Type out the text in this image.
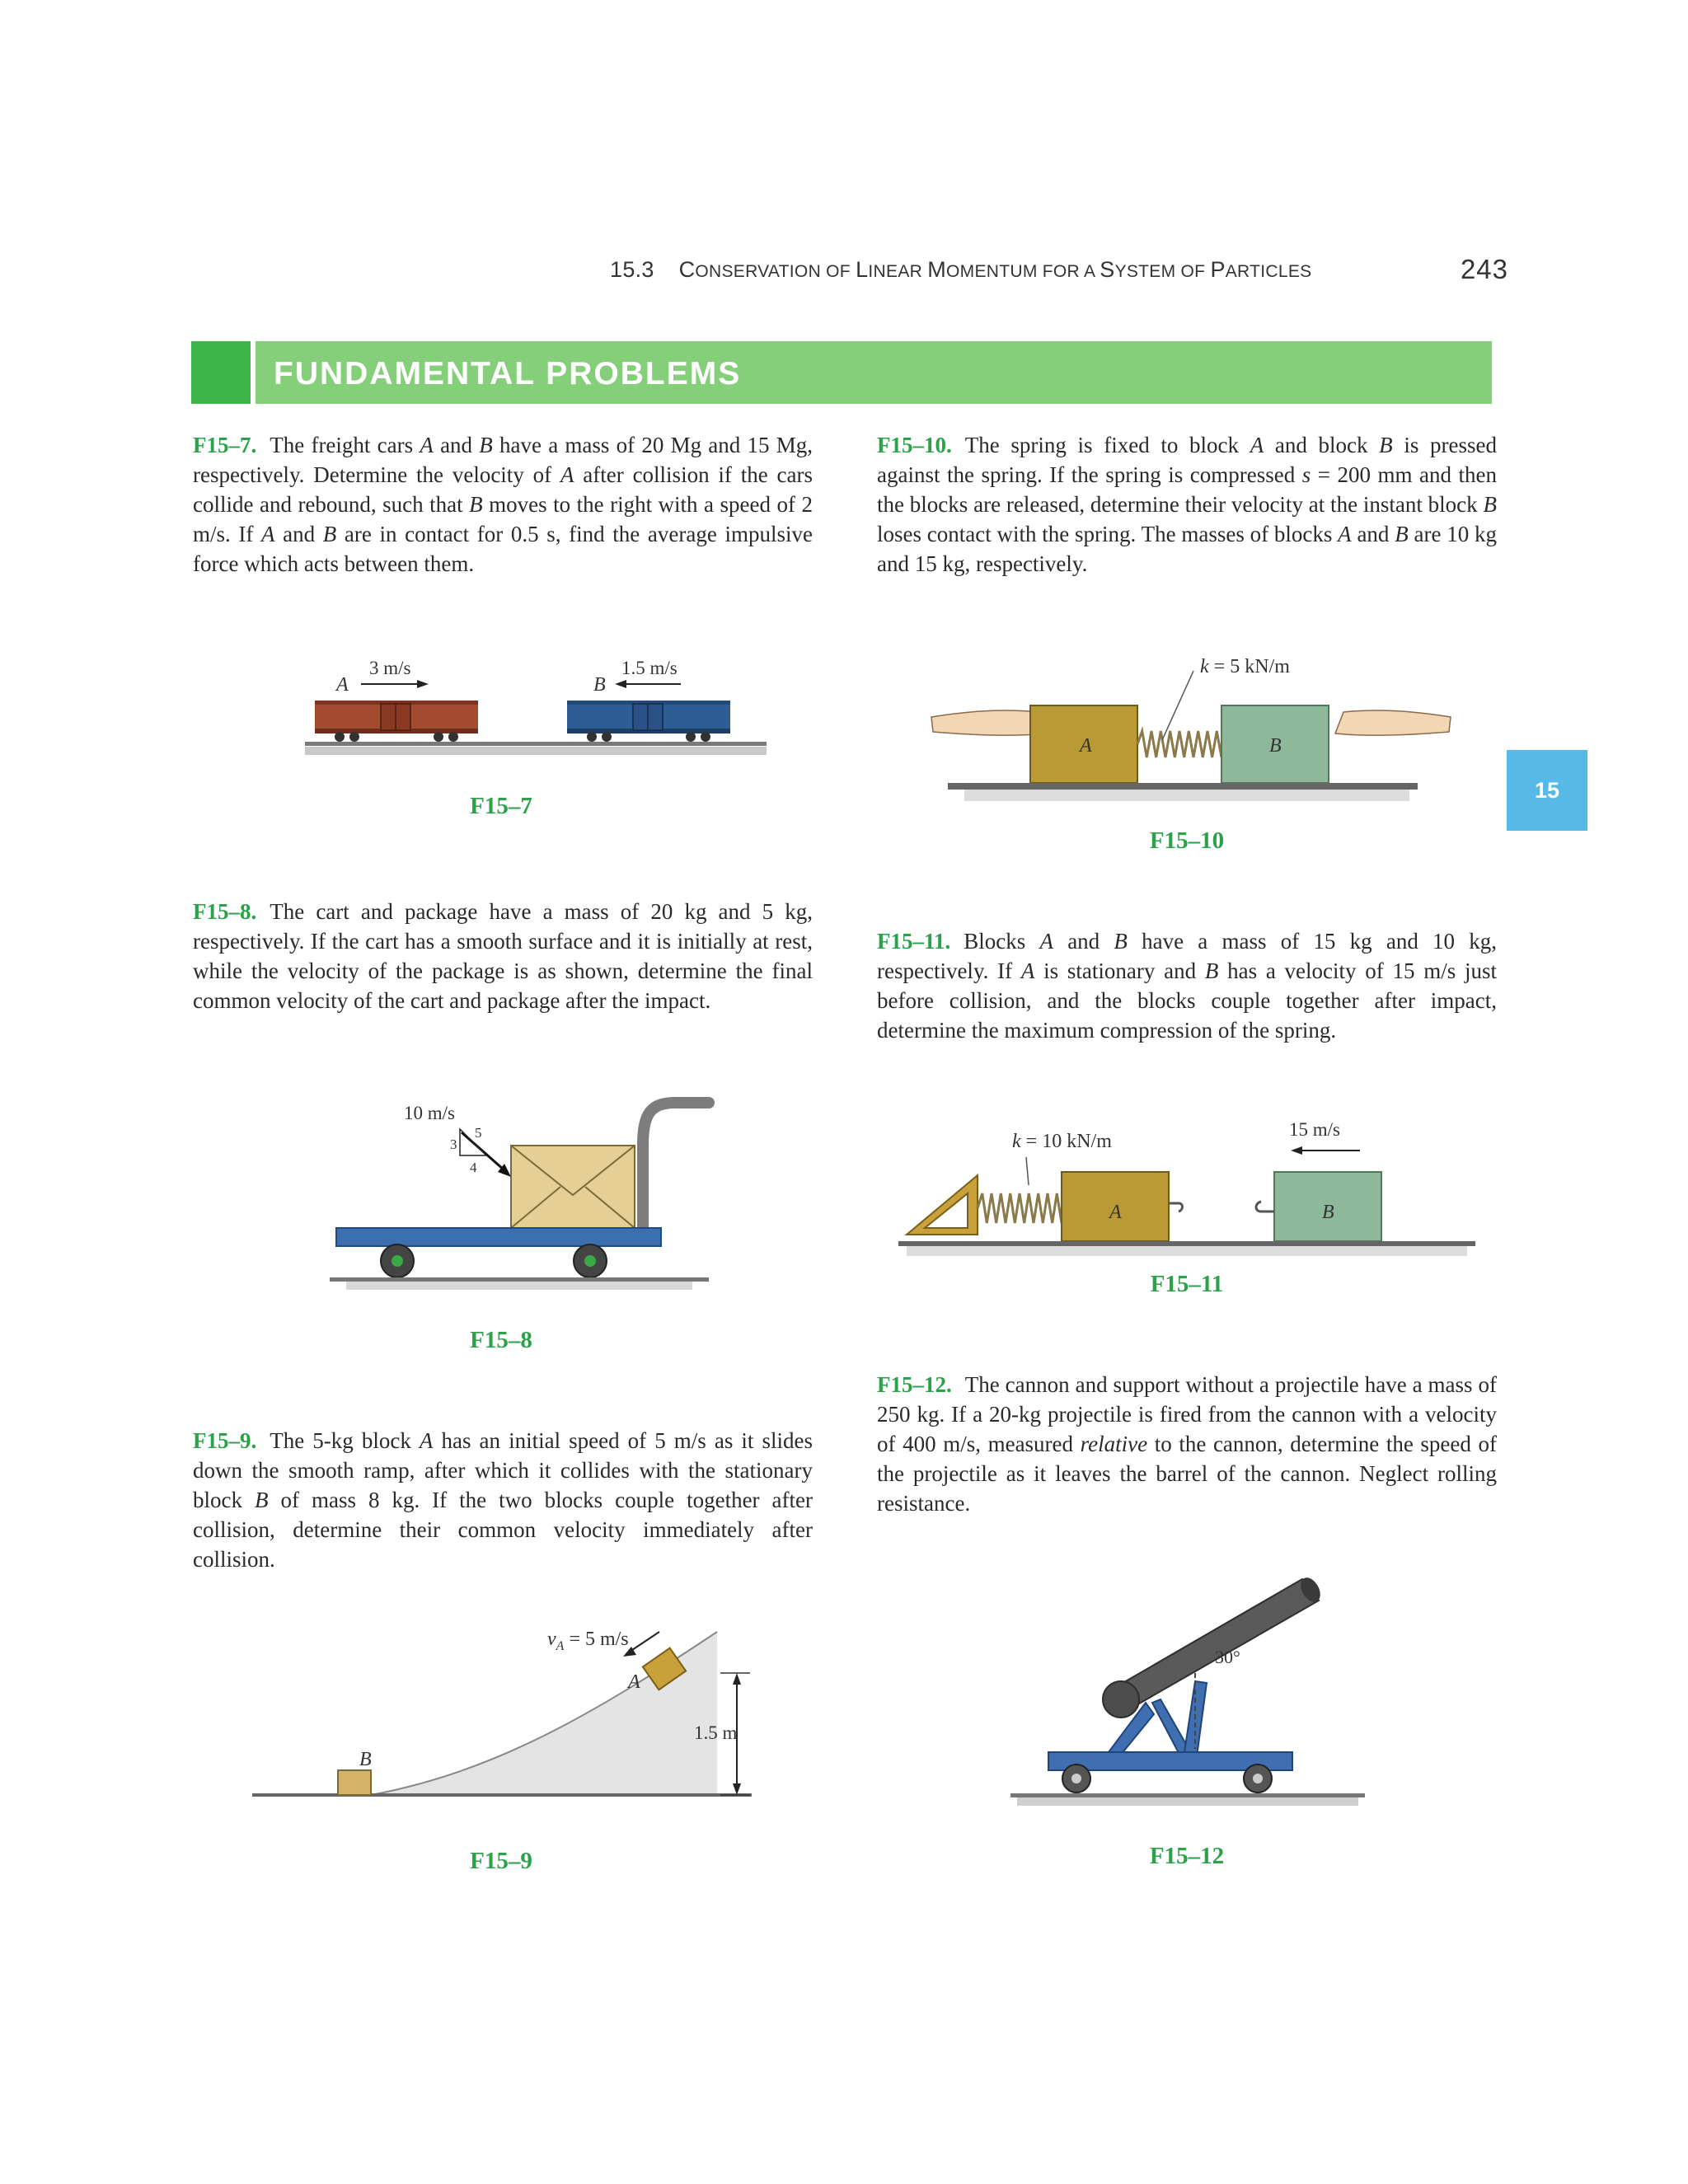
15.3 CONSERVATION OF LINEAR MOMENTUM FOR A SYSTEM OF PARTICLES	243
FUNDAMENTAL PROBLEMS
15
F15–7. The freight cars A and B have a mass of 20 Mg and 15 Mg, respectively. Determine the velocity of A after collision if the cars collide and rebound, such that B moves to the right with a speed of 2 m/s. If A and B are in contact for 0.5 s, find the average impulsive force which acts between them.
F15–10. The spring is fixed to block A and block B is pressed against the spring. If the spring is compressed s = 200 mm and then the blocks are released, determine their velocity at the instant block B loses contact with the spring. The masses of blocks A and B are 10 kg and 15 kg, respectively.
F15–8. The cart and package have a mass of 20 kg and 5 kg, respectively. If the cart has a smooth surface and it is initially at rest, while the velocity of the package is as shown, determine the final common velocity of the cart and package after the impact.
F15–11. Blocks A and B have a mass of 15 kg and 10 kg, respectively. If A is stationary and B has a velocity of 15 m/s just before collision, and the blocks couple together after impact, determine the maximum compression of the spring.
F15–12. The cannon and support without a projectile have a mass of 250 kg. If a 20-kg projectile is fired from the cannon with a velocity of 400 m/s, measured relative to the cannon, determine the speed of the projectile as it leaves the barrel of the cannon. Neglect rolling resistance.
F15–9. The 5-kg block A has an initial speed of 5 m/s as it slides down the smooth ramp, after which it collides with the stationary block B of mass 8 kg. If the two blocks couple together after collision, determine their common velocity immediately after collision.
A
3 m/s
B
1.5 m/s
F15–7
A	B
k = 5 kN/m
F15–10
10 m/s
3
4
5
F15–8
A	B
k = 10 kN/m
15 m/s
F15–11
B
A
$v_A = 5$ m/s
1.5 m
F15–9
30°
F15–12
